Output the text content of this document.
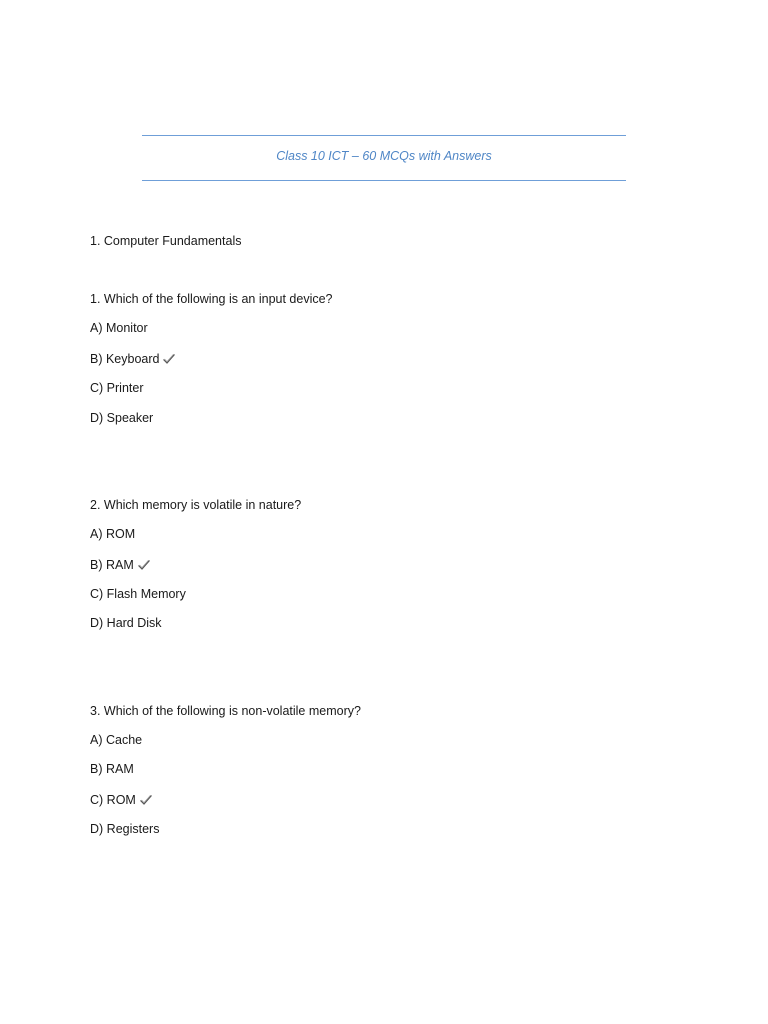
Class 10 ICT – 60 MCQs with Answers
1. Computer Fundamentals
1. Which of the following is an input device?
A) Monitor
B) Keyboard
C) Printer
D) Speaker
2. Which memory is volatile in nature?
A) ROM
B) RAM
C) Flash Memory
D) Hard Disk
3. Which of the following is non-volatile memory?
A) Cache
B) RAM
C) ROM
D) Registers
